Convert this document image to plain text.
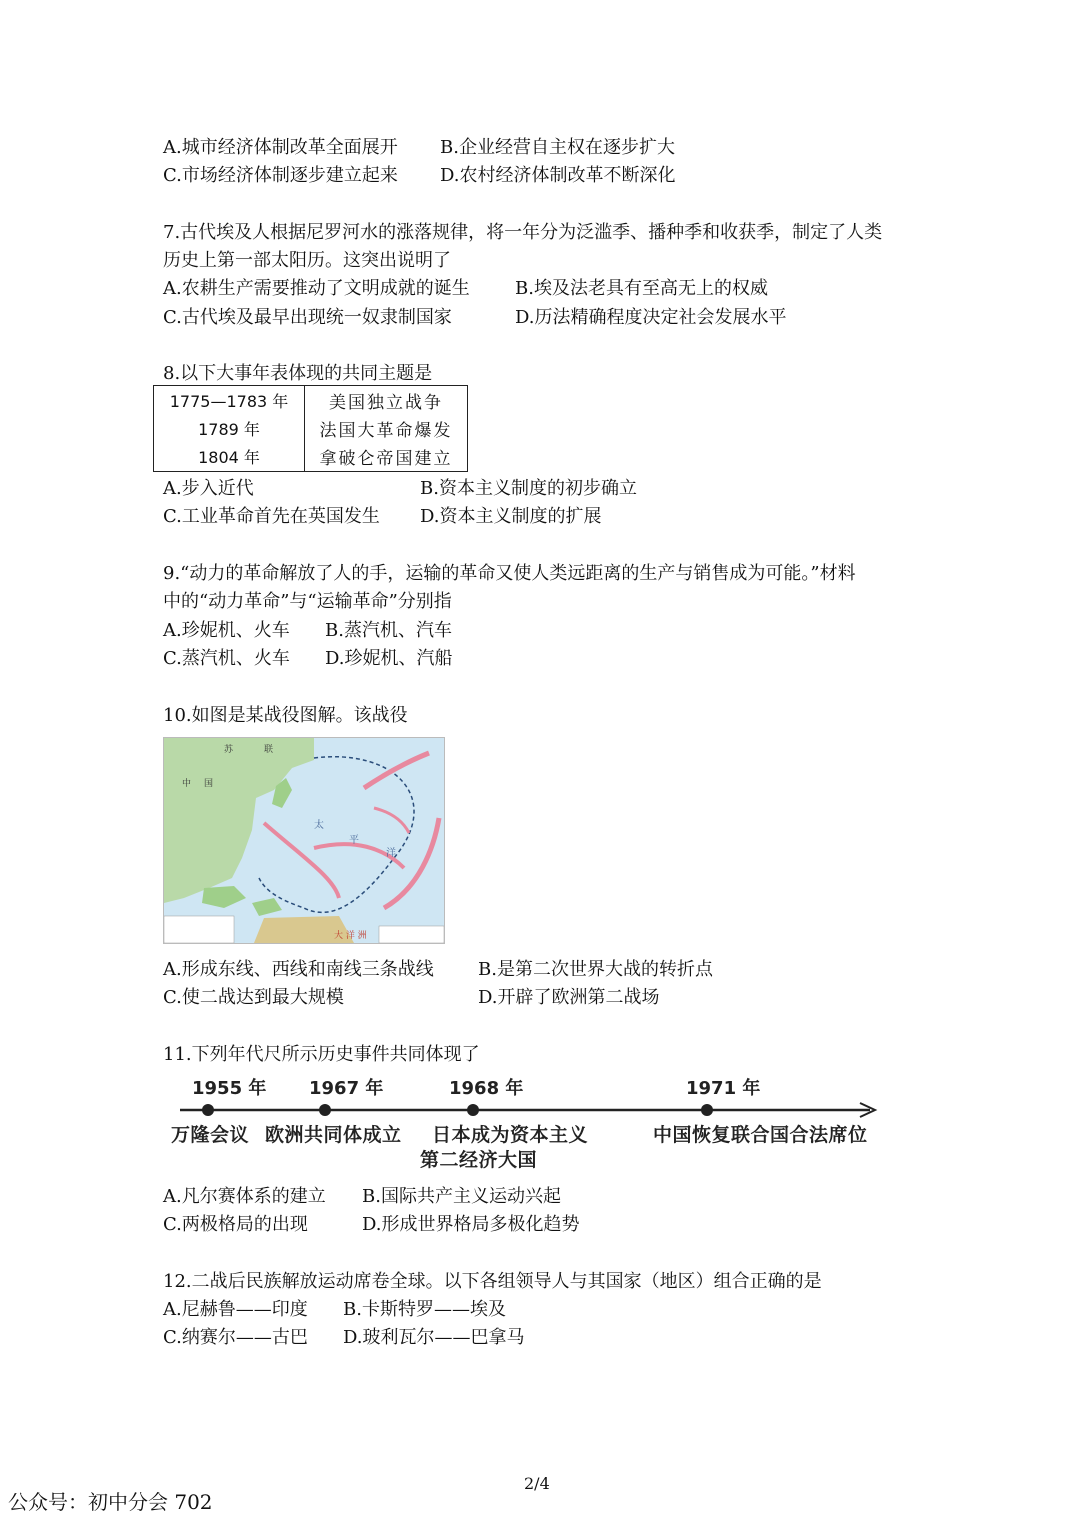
A.城市经济体制改革全面展开 B.企业经营自主权在逐步扩大
C.市场经济体制逐步建立起来 D.农村经济体制改革不断深化
7.古代埃及人根据尼罗河水的涨落规律，将一年分为泛滥季、播种季和收获季，制定了人类
历史上第一部太阳历。这突出说明了
A.农耕生产需要推动了文明成就的诞生	B.埃及法老具有至高无上的权威
C.古代埃及最早出现统一奴隶制国家	D.历法精确程度决定社会发展水平
8.以下大事年表体现的共同主题是
1775—1783 年	美国独立战争
1789 年	法国大革命爆发
1804 年	拿破仑帝国建立
A.步入近代	B.资本主义制度的初步确立
C.工业革命首先在英国发生 D.资本主义制度的扩展
9.“动力的革命解放了人的手，运输的革命又使人类远距离的生产与销售成为可能。”材料
中的“动力革命”与“运输革命”分别指
A.珍妮机、火车 B.蒸汽机、汽车
C.蒸汽机、火车 D.珍妮机、汽船
10.如图是某战役图解。该战役
苏	联
中 国
太
平
洋
大 洋 洲
A.形成东线、西线和南线三条战线 B.是第二次世界大战的转折点
C.使二战达到最大规模	D.开辟了欧洲第二战场
11.下列年代尺所示历史事件共同体现了
1955 年 1967 年	1968 年	1971 年
万隆会议 欧洲共同体成立 日本成为资本主义
第二经济大国
中国恢复联合国合法席位
A.凡尔赛体系的建立 B.国际共产主义运动兴起
C.两极格局的出现	D.形成世界格局多极化趋势
12.二战后民族解放运动席卷全球。以下各组领导人与其国家（地区）组合正确的是
A.尼赫鲁——印度 B.卡斯特罗——埃及
C.纳赛尔——古巴 D.玻利瓦尔——巴拿马
2/4
公众号：初中分会 702
